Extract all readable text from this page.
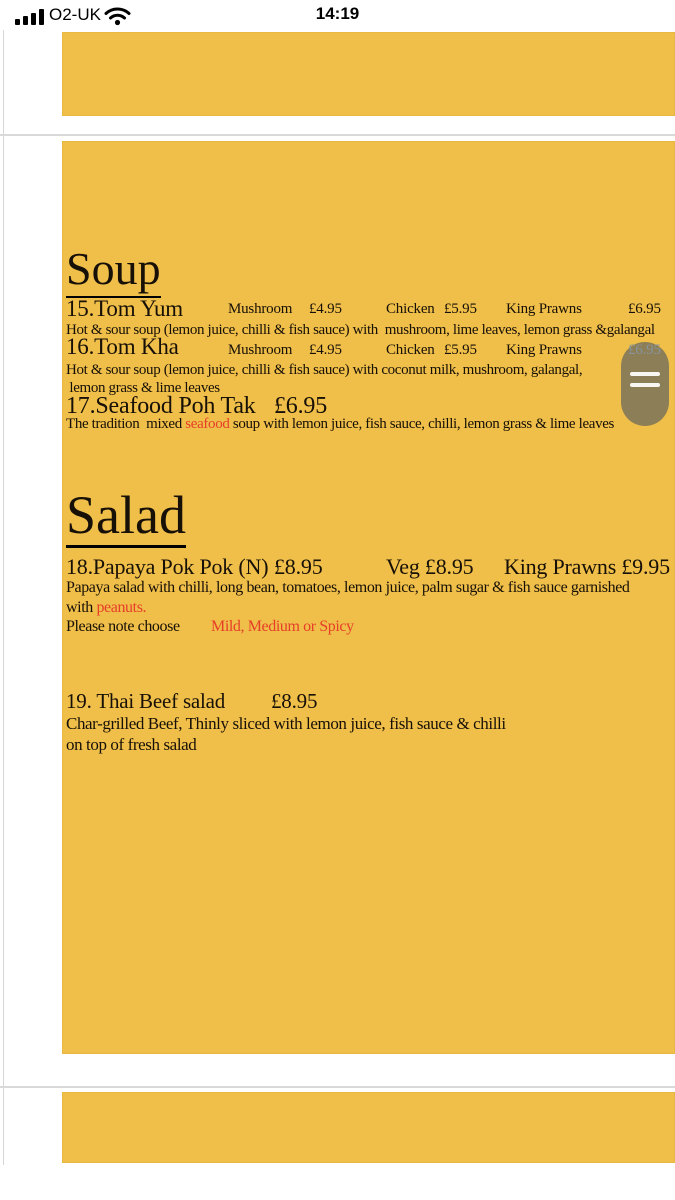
O2-UK	14:19
Soup
15.Tom Yum	Mushroom £4.95	Chicken £5.95 King Prawns	£6.95
Hot & sour soup (lemon juice, chilli & fish sauce) with  mushroom, lime leaves, lemon grass &galangal
16.Tom Kha	Mushroom £4.95	Chicken £5.95 King Prawns	£6.95
Hot & sour soup (lemon juice, chilli & fish sauce) with coconut milk, mushroom, galangal,
lemon grass & lime leaves
17.Seafood Poh Tak £6.95
The tradition  mixed seafood soup with lemon juice, fish sauce, chilli, lemon grass & lime leaves
Salad
18.Papaya Pok Pok (N) £8.95	Veg £8.95 King Prawns £9.95
Papaya salad with chilli, long bean, tomatoes, lemon juice, palm sugar & fish sauce garnished
with peanuts.
Please note choose Mild, Medium or Spicy
19. Thai Beef salad £8.95
Char-grilled Beef, Thinly sliced with lemon juice, fish sauce & chilli
on top of fresh salad
